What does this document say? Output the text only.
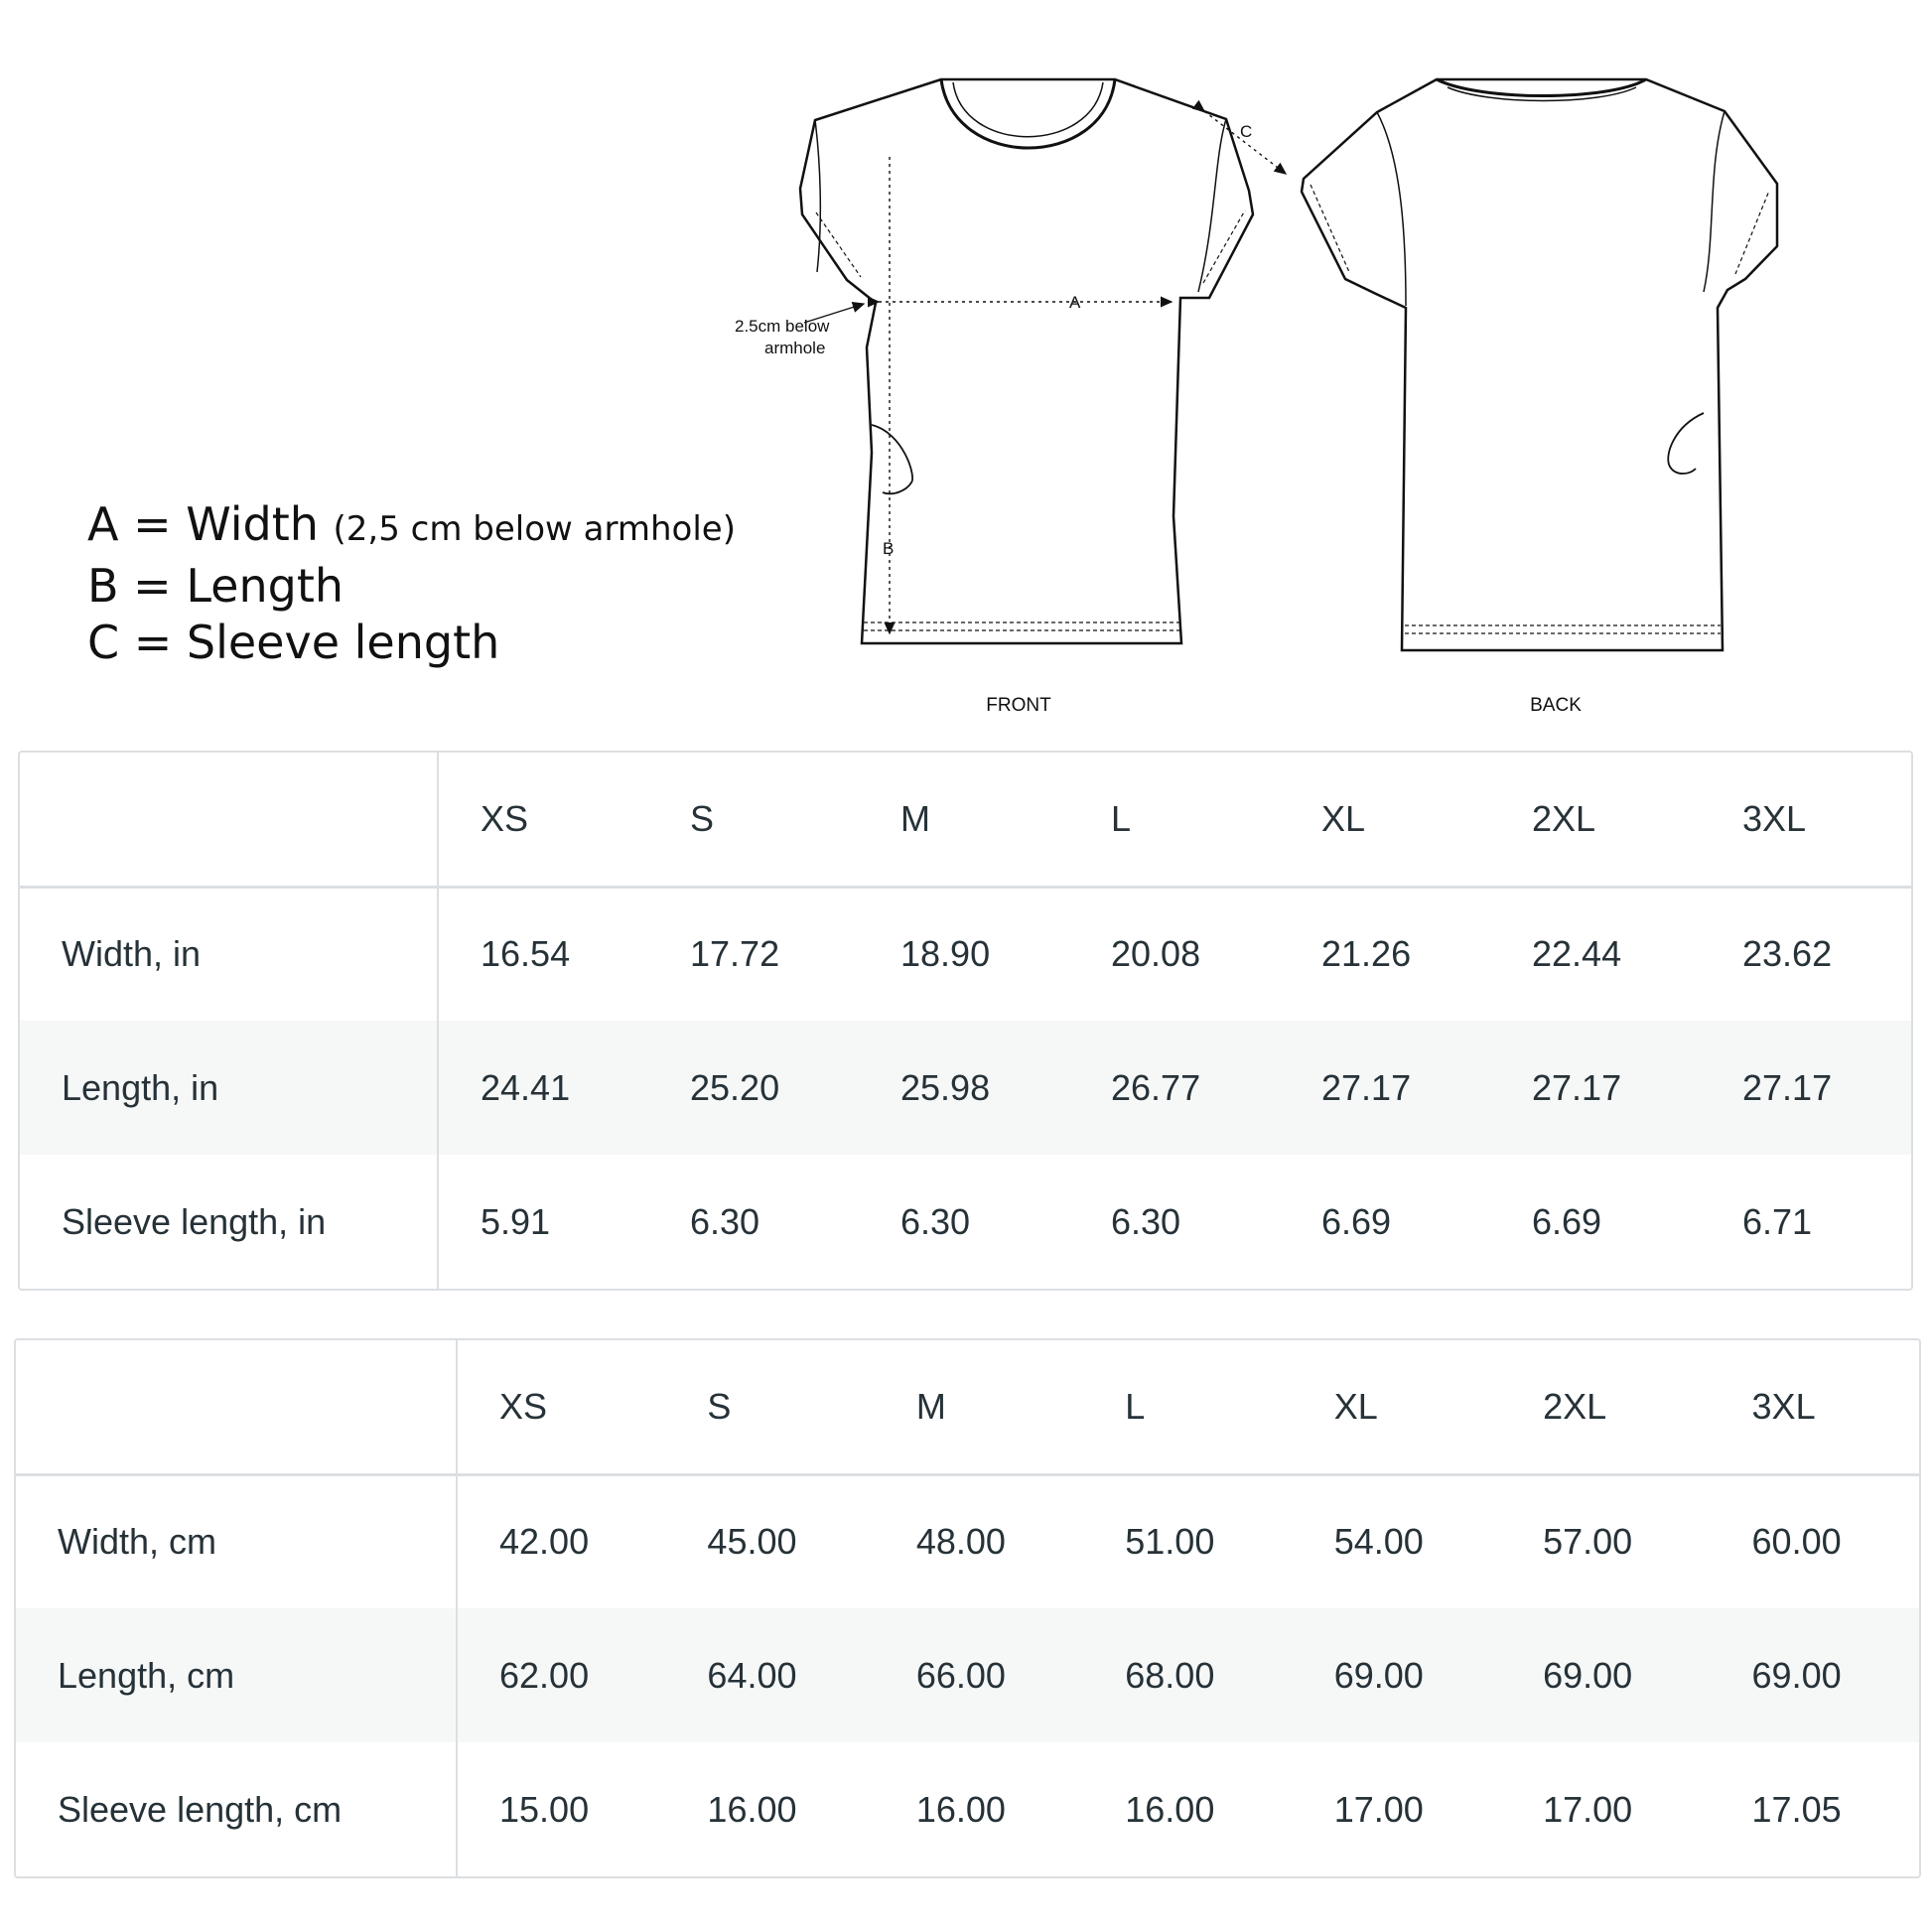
A = Width (2,5 cm below armhole)
B = Length
C = Sleeve length
A
B
C
2.5cm below
armhole
FRONT	BACK
	XS	S	M	L	XL	2XL	3XL
Width, in	16.54	17.72	18.90	20.08	21.26	22.44	23.62
Length, in	24.41	25.20	25.98	26.77	27.17	27.17	27.17
Sleeve length, in	5.91	6.30	6.30	6.30	6.69	6.69	6.71
	XS	S	M	L	XL	2XL	3XL
Width, cm	42.00	45.00	48.00	51.00	54.00	57.00	60.00
Length, cm	62.00	64.00	66.00	68.00	69.00	69.00	69.00
Sleeve length, cm	15.00	16.00	16.00	16.00	17.00	17.00	17.05
